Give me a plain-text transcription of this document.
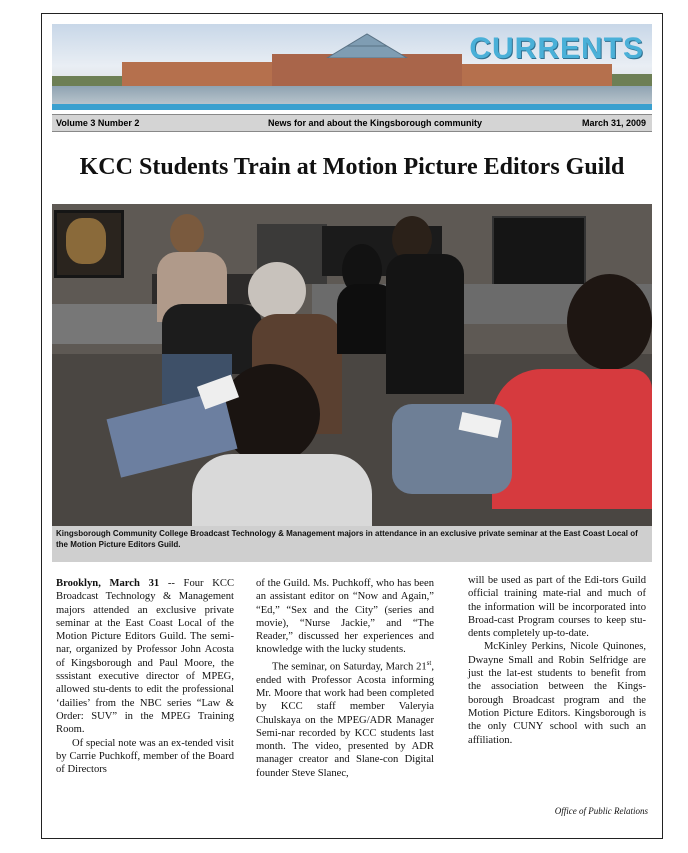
CURRENTS
Volume 3 Number 2	News for and about the Kingsborough community	March 31, 2009
KCC Students Train at Motion Picture Editors Guild
Kingsborough Community College Broadcast Technology & Management majors in attendance in an exclusive private seminar at the East Coast Local of the Motion Picture Editors Guild.

Brooklyn, March 31 -- Four KCC Broadcast Technology & Management majors attended an exclusive private seminar at the East Coast Local of the Motion Picture Editors Guild. The semi-nar, organized by Professor John Acosta of Kingsborough and Paul Moore, the sssistant executive director of MPEG, allowed stu-dents to edit the professional ‘dailies’ from the NBC series “Law & Order: SUV” in the MPEG Training Room.

Of special note was an ex-tended visit by Carrie Puchkoff, member of the Board of Directors

of the Guild. Ms. Puchkoff, who has been an assistant editor on “Now and Again,” “Ed,” “Sex and the City” (series and movie), “Nurse Jackie,” and “The Reader,” discussed her experiences and knowledge with the lucky students.

The seminar, on Saturday, March 21st, ended with Professor Acosta informing Mr. Moore that work had been completed by KCC staff member Valeryia Chulskaya on the MPEG/ADR Manager Semi-nar recorded by KCC students last month. The video, presented by ADR manager creator and Slane-con Digital founder Steve Slanec,

will be used as part of the Edi-tors Guild official training mate-rial and much of the information will be incorporated into Broad-cast Program courses to keep stu-dents completely up-to-date.

McKinley Perkins, Nicole Quinones, Dwayne Small and Robin Selfridge are just the lat-est students to benefit from the association between the Kings-borough Broadcast program and the Motion Picture Editors. Kingsborough is the only CUNY school with such an affiliation.

Office of Public Relations
